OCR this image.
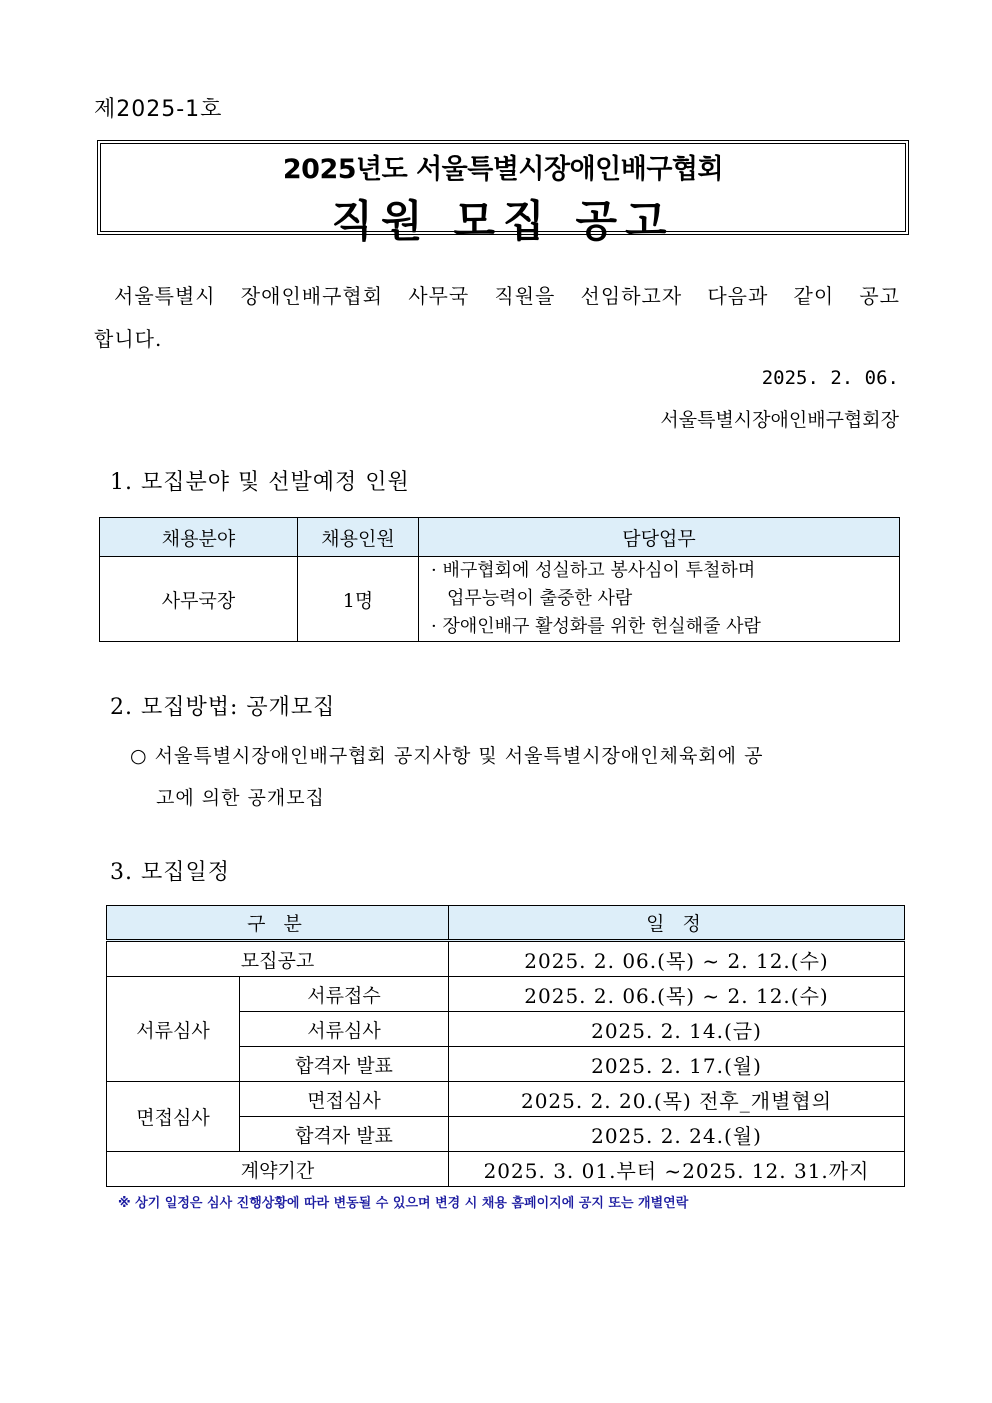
제2025-1호
2025년도 서울특별시장애인배구협회
직원 모집 공고
서울특별시 장애인배구협회 사무국 직원을 선임하고자 다음과 같이 공고
합니다.
2025. 2. 06.
서울특별시장애인배구협회장
1. 모집분야 및 선발예정 인원
채용분야	채용인원	담당업무
사무국장	1명	· 배구협회에 성실하고 봉사심이 투철하며
업무능력이 출중한 사람
· 장애인배구 활성화를 위한 헌실해줄 사람
2. 모집방법: 공개모집
○ 서울특별시장애인배구협회 공지사항 및 서울특별시장애인체육회에 공
고에 의한 공개모집
3. 모집일정
구 분		일 정
모집공고		2025. 2. 06.(목) ~ 2. 12.(수)
서류심사	서류접수	2025. 2. 06.(목) ~ 2. 12.(수)
	서류심사	2025. 2. 14.(금)
	합격자 발표	2025. 2. 17.(월)
면접심사	면접심사	2025. 2. 20.(목) 전후_개별협의
	합격자 발표	2025. 2. 24.(월)
계약기간		2025. 3. 01.부터 ~2025. 12. 31.까지
※ 상기 일정은 심사 진행상황에 따라 변동될 수 있으며 변경 시 채용 홈페이지에 공지 또는 개별연락
